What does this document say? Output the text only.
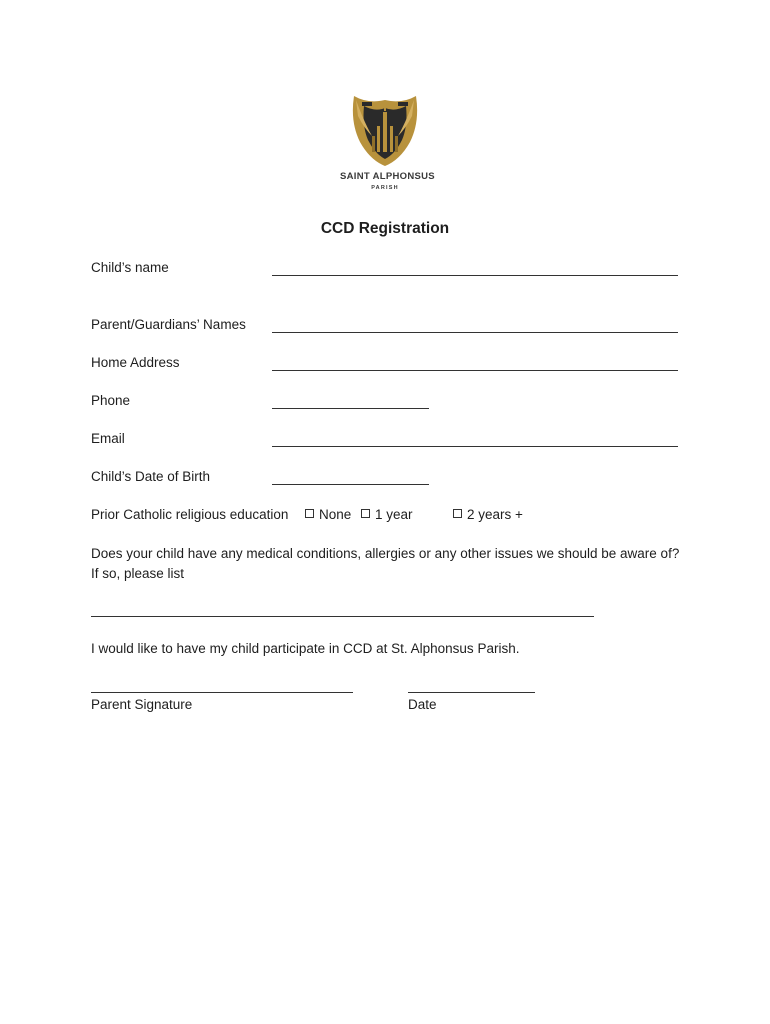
SAINT ALPHONSUS
PARISH
CCD Registration
Child’s name
Parent/Guardians’ Names
Home Address
Phone
Email
Child’s Date of Birth
Prior Catholic religious education	None	1 year	2 years +
Does your child have any medical conditions, allergies or any other issues we should be aware of? If so, please list
I would like to have my child participate in CCD at St. Alphonsus Parish.
Parent Signature	Date
